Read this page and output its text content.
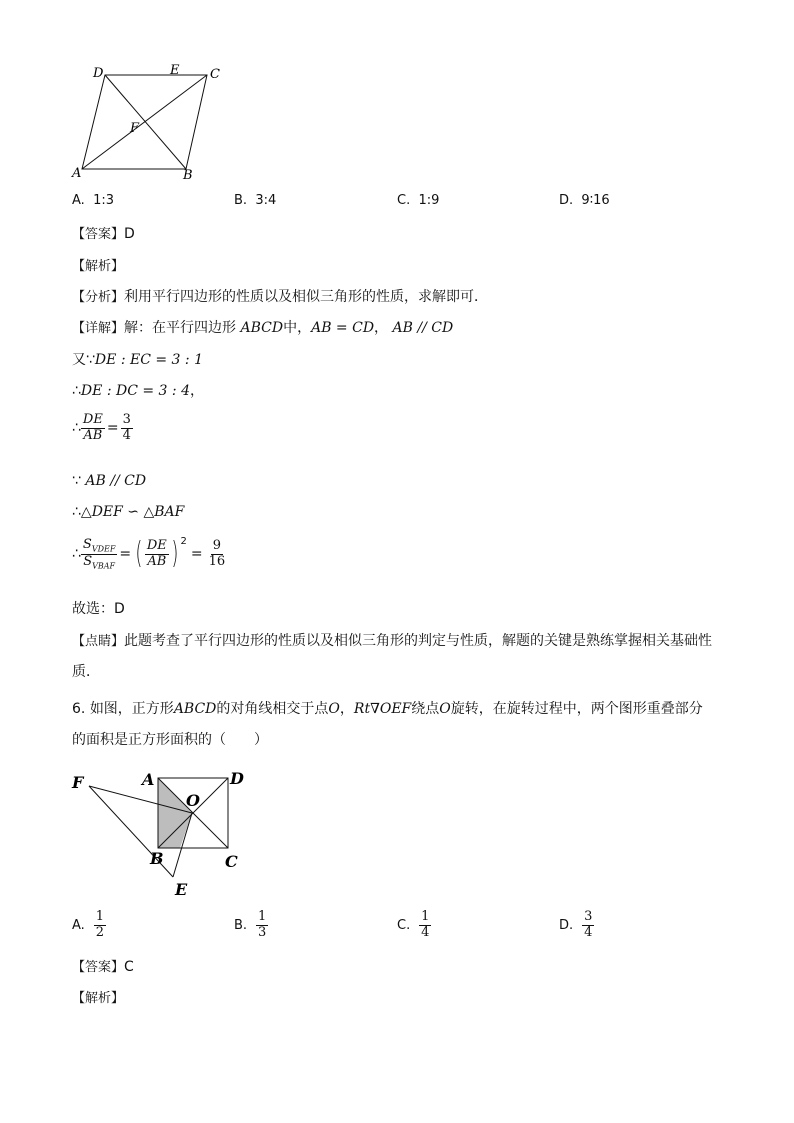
D	E C
F
A	B
A. 1:3	B. 3:4	C. 1:9	D. 9∶16
【答案】D
【解析】
【分析】利用平行四边形的性质以及相似三角形的性质，求解即可．
【详解】解：在平行四边形 ABCD中，AB = CD， AB // CD
又∵DE : EC = 3 : 1
∴DE : DC = 3 : 4，
∴ $\frac{DE}{AB} = \frac{3}{4}$
∵ AB // CD
∴△DEF ∽ △BAF
∴ $\frac{S_{VDEF}}{S_{VBAF}}$ = ( $\frac{DE}{AB}$ ) 2
= $\frac{9}{16}$
故选：D
【点睛】此题考查了平行四边形的性质以及相似三角形的判定与性质，解题的关键是熟练掌握相关基础性
质．
6. 如图，正方形ABCD的对角线相交于点O，Rt∇OEF绕点O旋转，在旋转过程中，两个图形重叠部分
的面积是正方形面积的（　　）
F	A	D
O
B	C
E
A.
$\frac{1}{2}$	B.
$\frac{1}{3}$	C.
$\frac{1}{4}$	D.
$\frac{3}{4}$
【答案】C
【解析】
